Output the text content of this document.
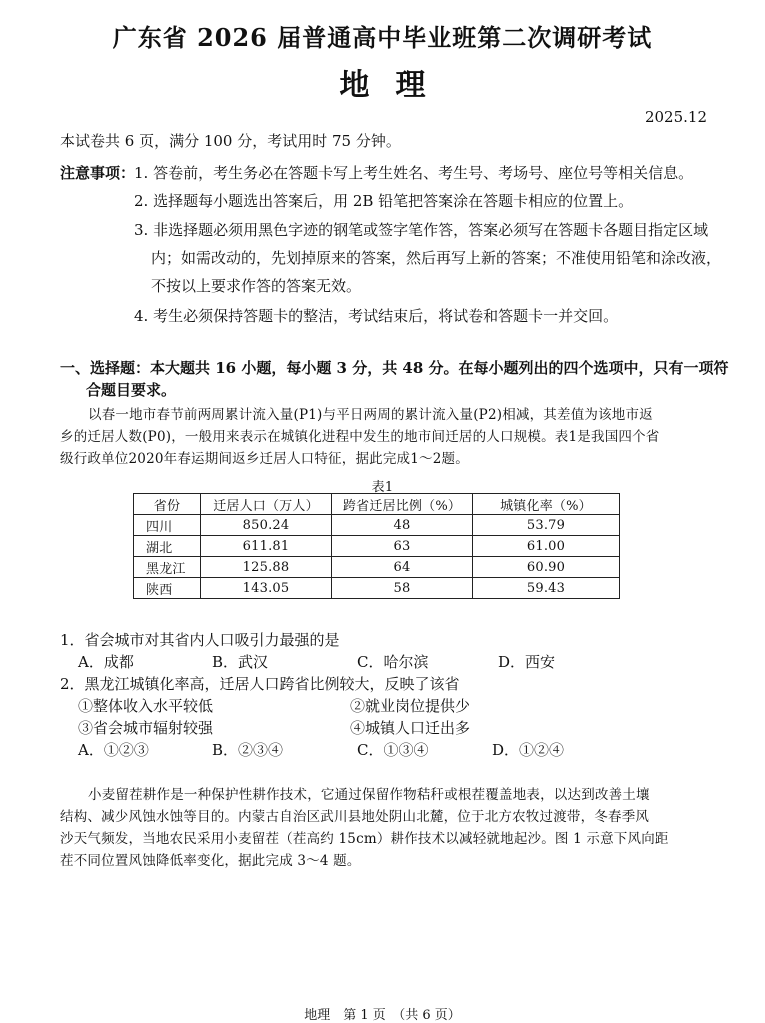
广东省 2026 届普通高中毕业班第二次调研考试
地理
2025.12
本试卷共 6 页，满分 100 分，考试用时 75 分钟。
注意事项：
1. 答卷前，考生务必在答题卡写上考生姓名、考生号、考场号、座位号等相关信息。
2. 选择题每小题选出答案后，用 2B 铅笔把答案涂在答题卡相应的位置上。
3. 非选择题必须用黑色字迹的钢笔或签字笔作答，答案必须写在答题卡各题目指定区域
内；如需改动的，先划掉原来的答案，然后再写上新的答案；不准使用铅笔和涂改液，
不按以上要求作答的答案无效。
4. 考生必须保持答题卡的整洁，考试结束后，将试卷和答题卡一并交回。
一、选择题：本大题共 16 小题，每小题 3 分，共 48 分。在每小题列出的四个选项中，只有一项符
合题目要求。
以春一地市春节前两周累计流入量(P1)与平日两周的累计流入量(P2)相减，其差值为该地市返
乡的迁居人数(P0)，一般用来表示在城镇化进程中发生的地市间迁居的人口规模。表1是我国四个省
级行政单位2020年春运期间返乡迁居人口特征，据此完成1～2题。
表1
省份	迁居人口（万人）	跨省迁居比例（%）	城镇化率（%）
四川	850.24	48	53.79
湖北	611.81	63	61.00
黑龙江	125.88	64	60.90
陕西	143.05	58	59.43
1．省会城市对其省内人口吸引力最强的是
A．成都	B．武汉	C．哈尔滨	D．西安
2．黑龙江城镇化率高，迁居人口跨省比例较大，反映了该省
①整体收入水平较低	②就业岗位提供少
③省会城市辐射较强	④城镇人口迁出多
A．①②③	B．②③④	C．①③④	D．①②④
小麦留茬耕作是一种保护性耕作技术，它通过保留作物秸秆或根茬覆盖地表，以达到改善土壤
结构、减少风蚀水蚀等目的。内蒙古自治区武川县地处阴山北麓，位于北方农牧过渡带，冬春季风
沙天气频发，当地农民采用小麦留茬（茬高约 15cm）耕作技术以减轻就地起沙。图 1 示意下风向距
茬不同位置风蚀降低率变化，据此完成 3～4 题。
地理　第 1 页　（共 6 页）
